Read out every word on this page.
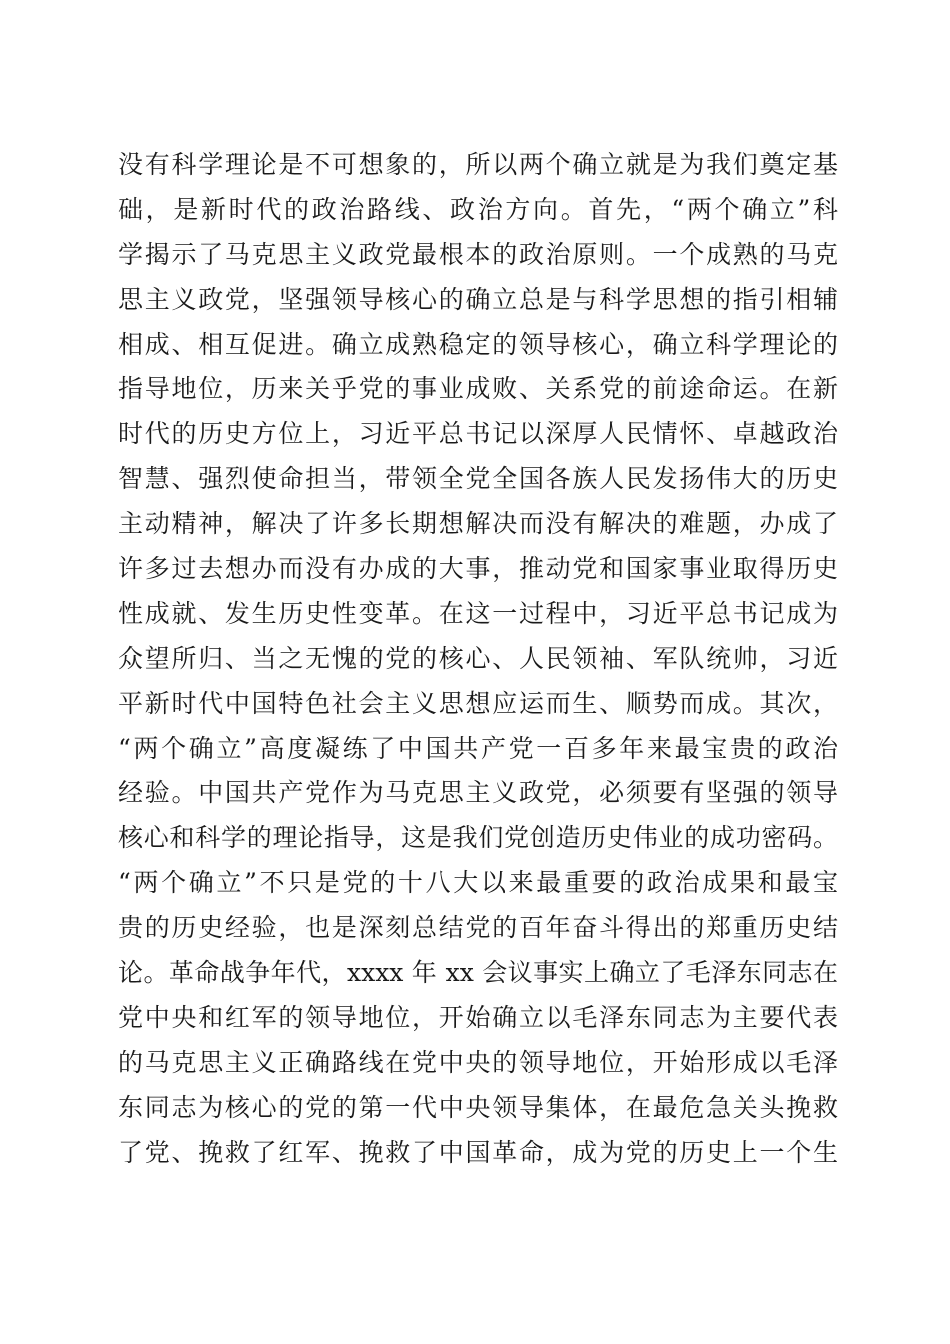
没有科学理论是不可想象的，所以两个确立就是为我们奠定基
础，是新时代的政治路线、政治方向。首先，“两个确立”科
学揭示了马克思主义政党最根本的政治原则。一个成熟的马克
思主义政党，坚强领导核心的确立总是与科学思想的指引相辅
相成、相互促进。确立成熟稳定的领导核心，确立科学理论的
指导地位，历来关乎党的事业成败、关系党的前途命运。在新
时代的历史方位上，习近平总书记以深厚人民情怀、卓越政治
智慧、强烈使命担当，带领全党全国各族人民发扬伟大的历史
主动精神，解决了许多长期想解决而没有解决的难题，办成了
许多过去想办而没有办成的大事，推动党和国家事业取得历史
性成就、发生历史性变革。在这一过程中，习近平总书记成为
众望所归、当之无愧的党的核心、人民领袖、军队统帅，习近
平新时代中国特色社会主义思想应运而生、顺势而成。其次，
“两个确立”高度凝练了中国共产党一百多年来最宝贵的政治
经验。中国共产党作为马克思主义政党，必须要有坚强的领导
核心和科学的理论指导，这是我们党创造历史伟业的成功密码。
“两个确立”不只是党的十八大以来最重要的政治成果和最宝
贵的历史经验，也是深刻总结党的百年奋斗得出的郑重历史结
论。革命战争年代，xxxx 年 xx 会议事实上确立了毛泽东同志在
党中央和红军的领导地位，开始确立以毛泽东同志为主要代表
的马克思主义正确路线在党中央的领导地位，开始形成以毛泽
东同志为核心的党的第一代中央领导集体，在最危急关头挽救
了党、挽救了红军、挽救了中国革命，成为党的历史上一个生
